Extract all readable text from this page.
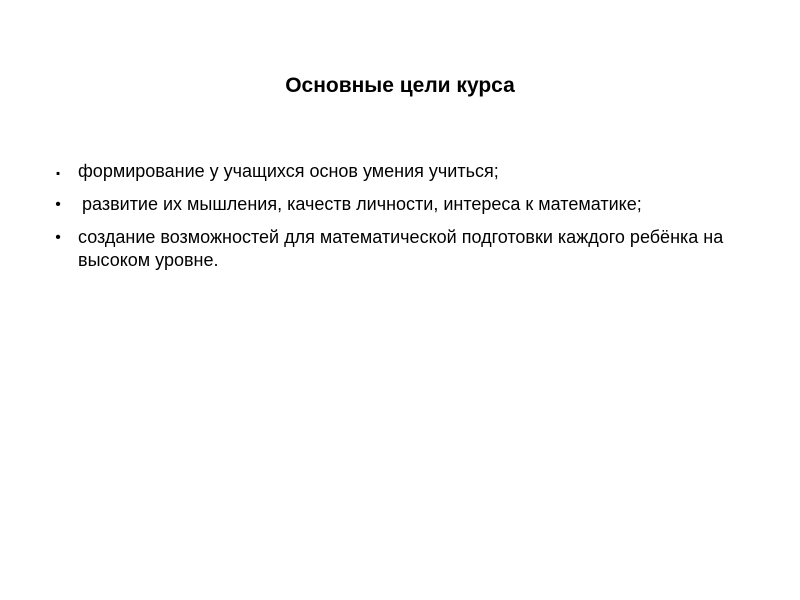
Основные цели курса
. формирование у учащихся основ умения учиться;
• развитие их мышления, качеств личности, интереса к математике;
• создание возможностей для математической подготовки каждого ребёнка на высоком уровне.
